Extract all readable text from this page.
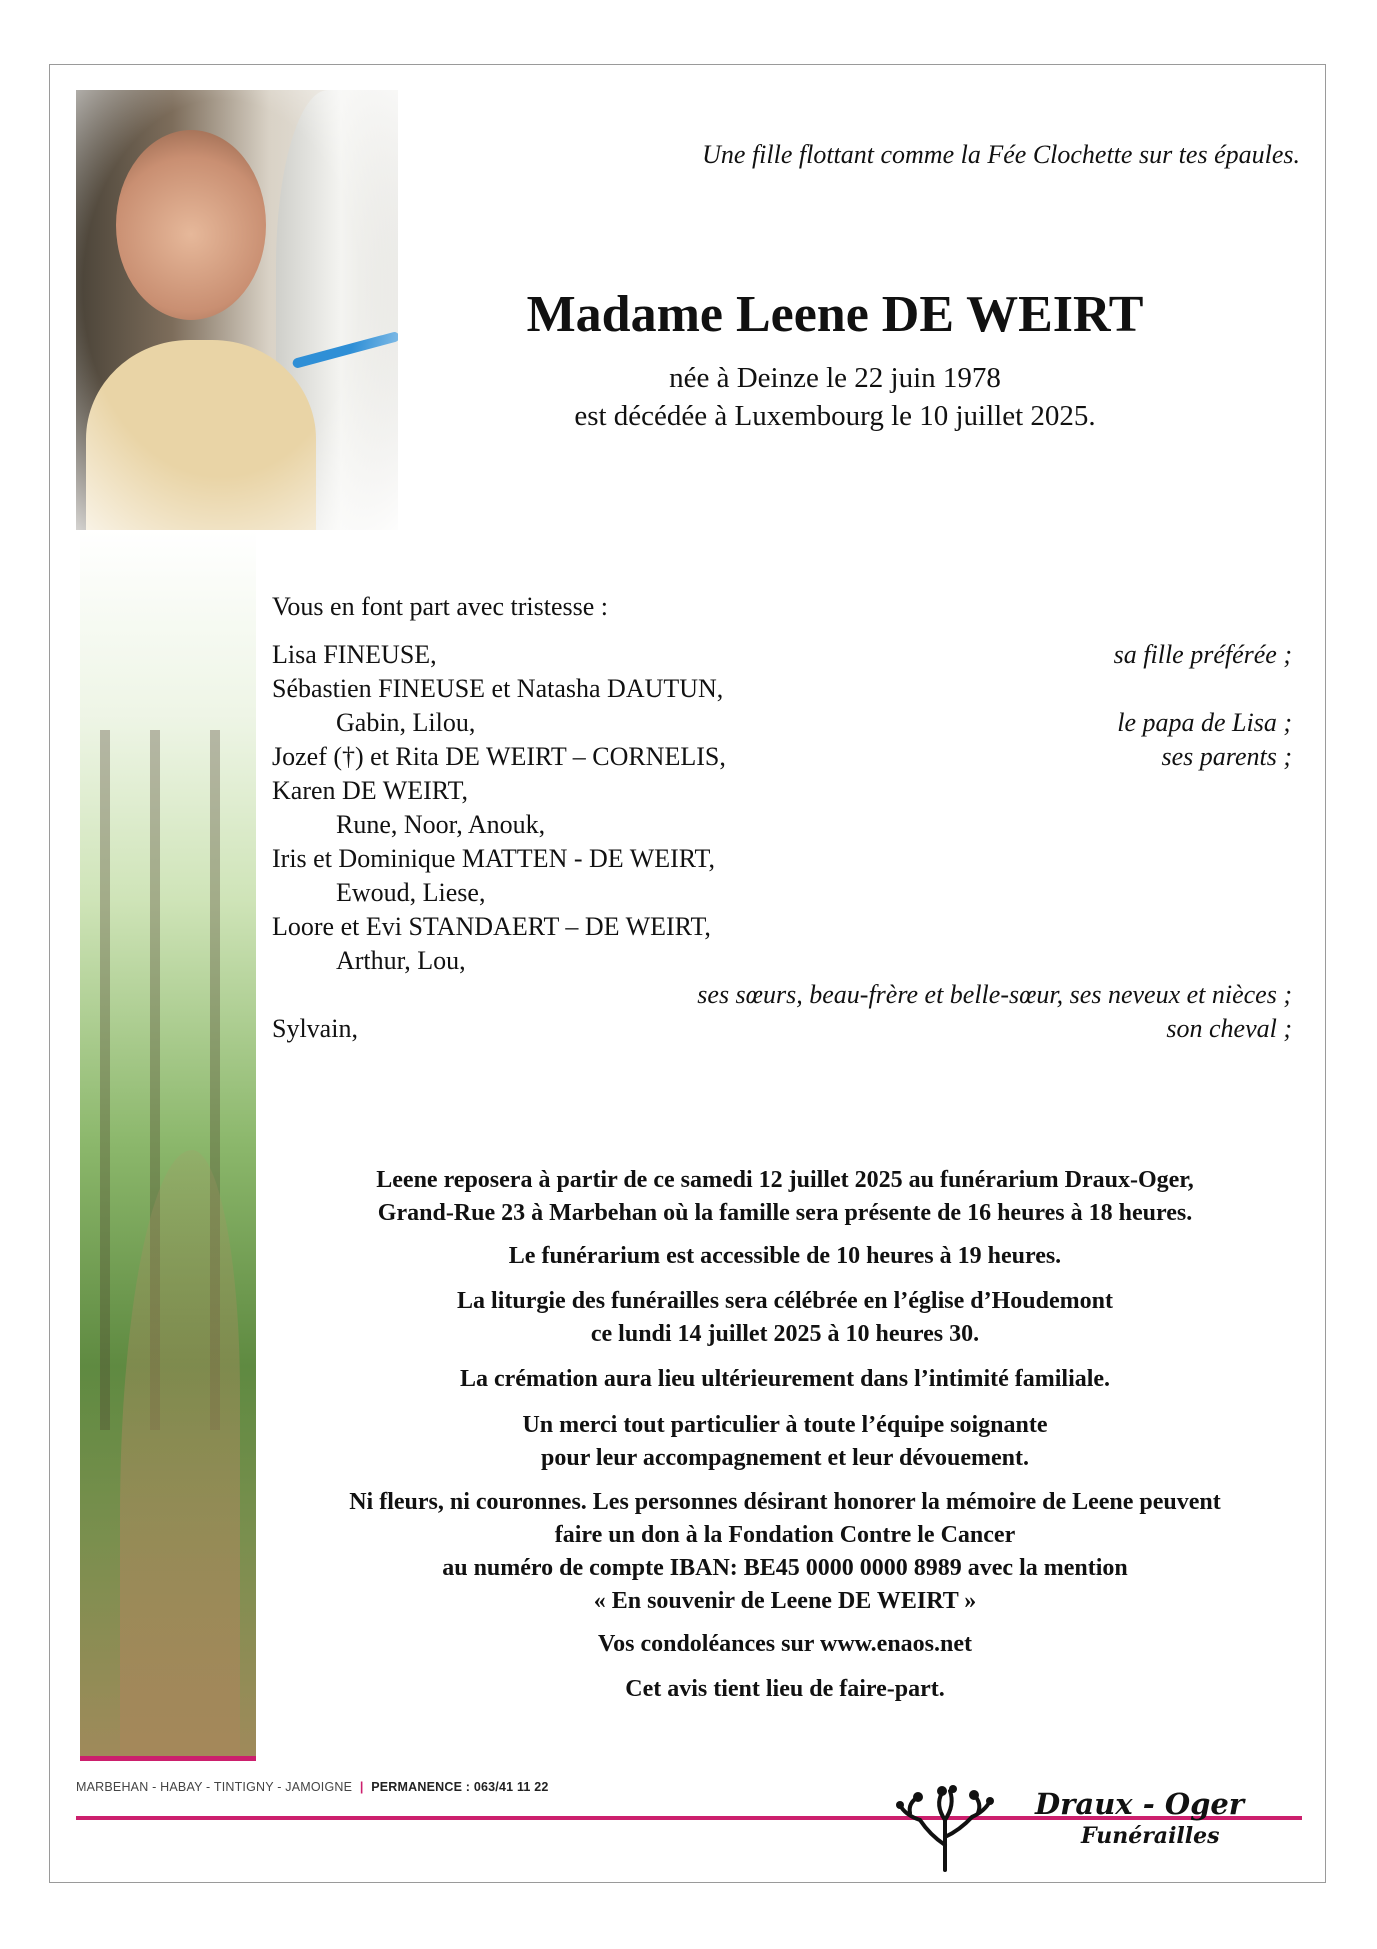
Une fille flottant comme la Fée Clochette sur tes épaules.
Madame Leene DE WEIRT
née à Deinze le 22 juin 1978
est décédée à Luxembourg le 10 juillet 2025.
Vous en font part avec tristesse :
Lisa FINEUSE,	sa fille préférée ;
Sébastien FINEUSE et Natasha DAUTUN,
Gabin, Lilou,	le papa de Lisa ;
Jozef (†) et Rita DE WEIRT – CORNELIS,	ses parents ;
Karen DE WEIRT,
Rune, Noor, Anouk,
Iris et Dominique MATTEN - DE WEIRT,
Ewoud, Liese,
Loore et Evi STANDAERT – DE WEIRT,
Arthur, Lou,
ses sœurs, beau-frère et belle-sœur, ses neveux et nièces ;
Sylvain,	son cheval ;
Leene reposera à partir de ce samedi 12 juillet 2025 au funérarium Draux-Oger,
Grand-Rue 23 à Marbehan où la famille sera présente de 16 heures à 18 heures.
Le funérarium est accessible de 10 heures à 19 heures.
La liturgie des funérailles sera célébrée en l’église d’Houdemont
ce lundi 14 juillet 2025 à 10 heures 30.
La crémation aura lieu ultérieurement dans l’intimité familiale.
Un merci tout particulier à toute l’équipe soignante
pour leur accompagnement et leur dévouement.
Ni fleurs, ni couronnes. Les personnes désirant honorer la mémoire de Leene peuvent
faire un don à la Fondation Contre le Cancer
au numéro de compte IBAN: BE45 0000 0000 8989 avec la mention
« En souvenir de Leene DE WEIRT »
Vos condoléances sur www.enaos.net
Cet avis tient lieu de faire-part.
MARBEHAN - HABAY - TINTIGNY - JAMOIGNE | PERMANENCE : 063/41 11 22	Draux - Oger
Funérailles
